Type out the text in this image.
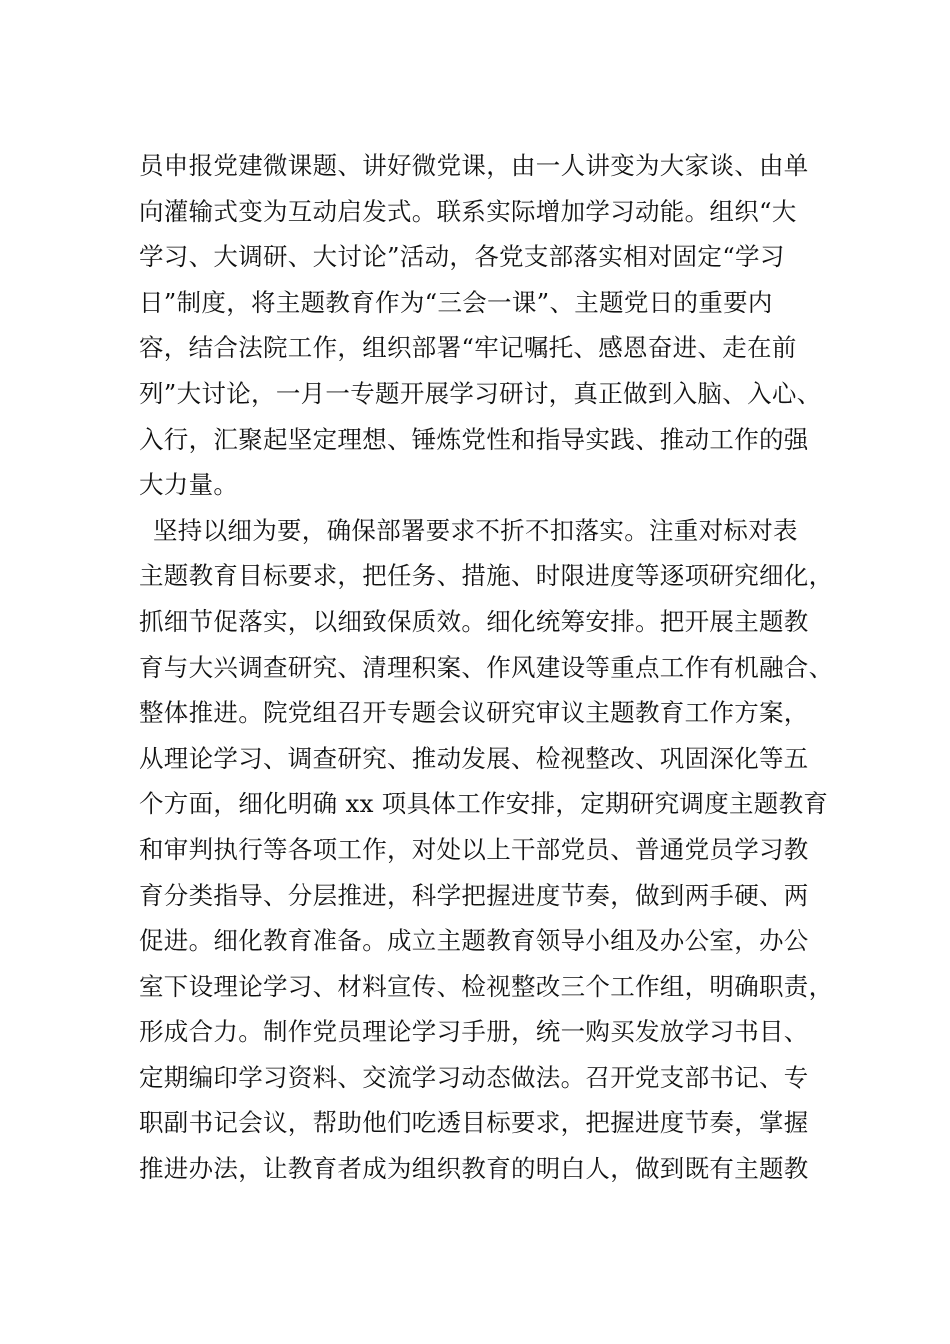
员申报党建微课题、讲好微党课，由一人讲变为大家谈、由单
向灌输式变为互动启发式。联系实际增加学习动能。组织“大
学习、大调研、大讨论”活动，各党支部落实相对固定“学习
日”制度，将主题教育作为“三会一课”、主题党日的重要内
容，结合法院工作，组织部署“牢记嘱托、感恩奋进、走在前
列”大讨论，一月一专题开展学习研讨，真正做到入脑、入心、
入行，汇聚起坚定理想、锤炼党性和指导实践、推动工作的强
大力量。
坚持以细为要，确保部署要求不折不扣落实。注重对标对表
主题教育目标要求，把任务、措施、时限进度等逐项研究细化，
抓细节促落实，以细致保质效。细化统筹安排。把开展主题教
育与大兴调查研究、清理积案、作风建设等重点工作有机融合、
整体推进。院党组召开专题会议研究审议主题教育工作方案，
从理论学习、调查研究、推动发展、检视整改、巩固深化等五
个方面，细化明确 xx 项具体工作安排，定期研究调度主题教育
和审判执行等各项工作，对处以上干部党员、普通党员学习教
育分类指导、分层推进，科学把握进度节奏，做到两手硬、两
促进。细化教育准备。成立主题教育领导小组及办公室，办公
室下设理论学习、材料宣传、检视整改三个工作组，明确职责，
形成合力。制作党员理论学习手册，统一购买发放学习书目、
定期编印学习资料、交流学习动态做法。召开党支部书记、专
职副书记会议，帮助他们吃透目标要求，把握进度节奏，掌握
推进办法，让教育者成为组织教育的明白人，做到既有主题教
